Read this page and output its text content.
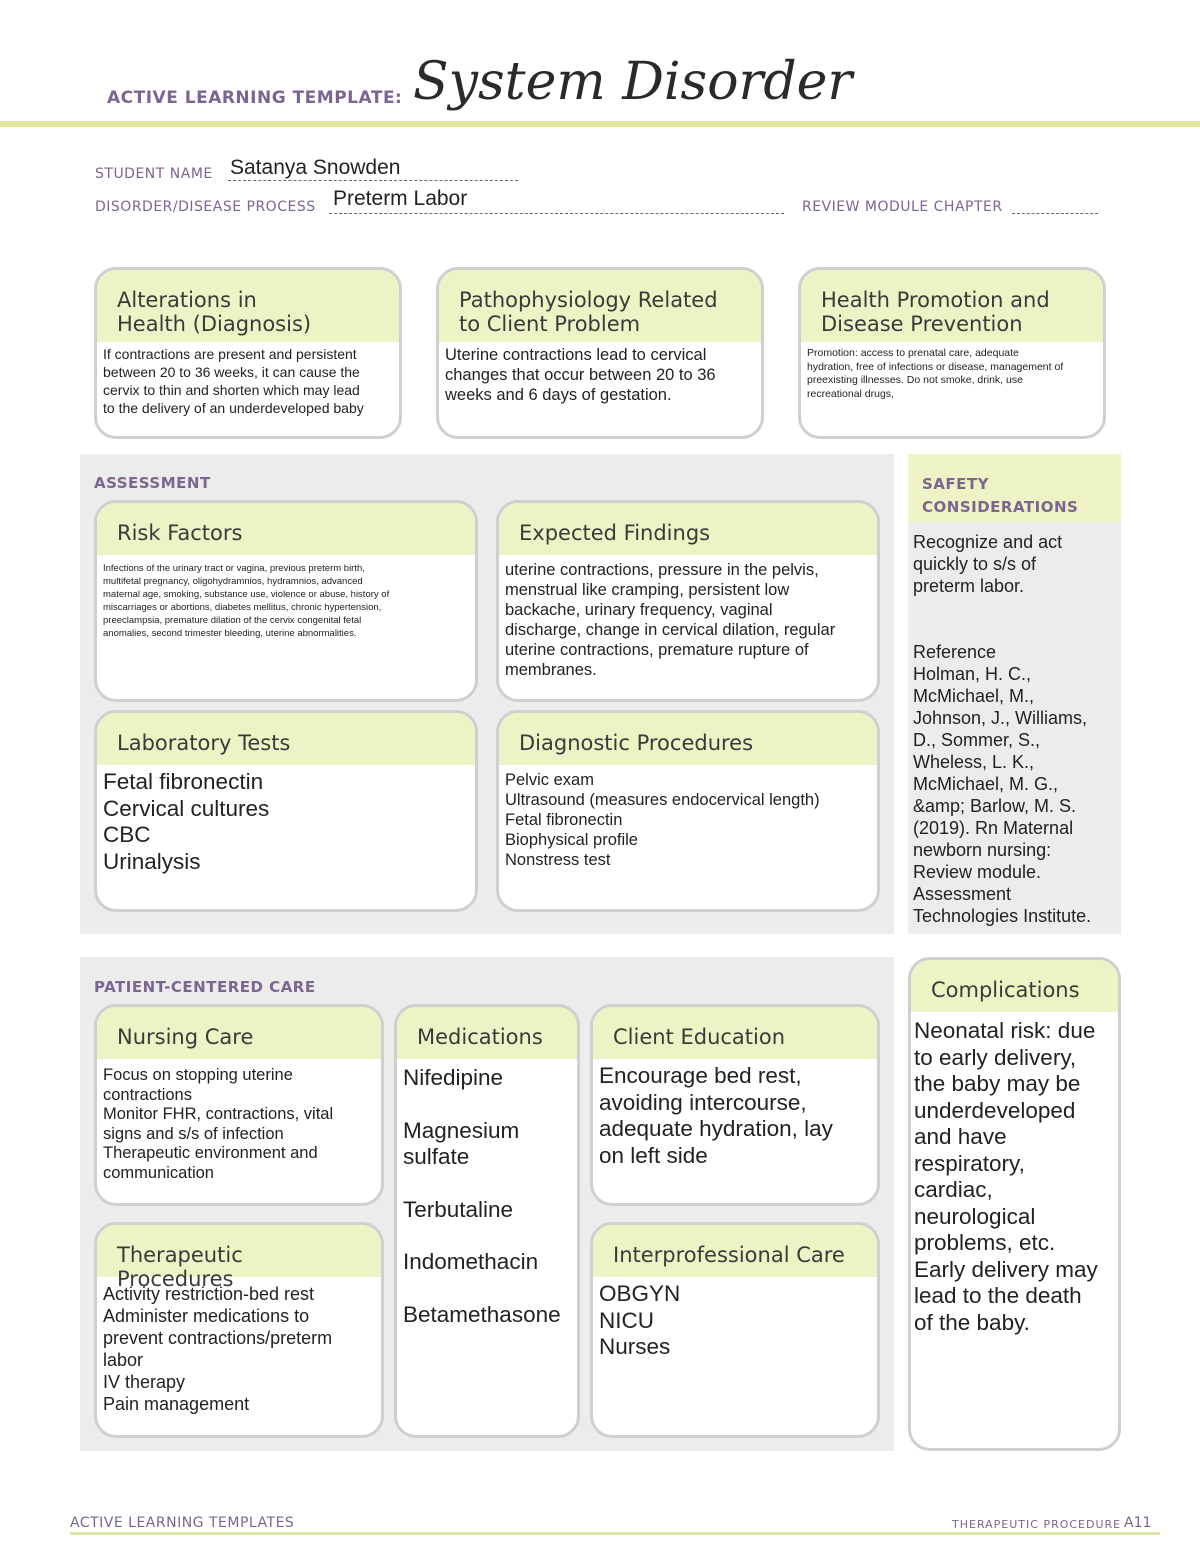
ACTIVE LEARNING TEMPLATE: System Disorder
STUDENT NAME Satanya Snowden
DISORDER/DISEASE PROCESS Preterm Labor	REVIEW MODULE CHAPTER
Alterations in
Health (Diagnosis)
If contractions are present and persistent
between 20 to 36 weeks, it can cause the
cervix to thin and shorten which may lead
to the delivery of an underdeveloped baby
Pathophysiology Related
to Client Problem
Uterine contractions lead to cervical
changes that occur between 20 to 36
weeks and 6 days of gestation.
Health Promotion and
Disease Prevention
Promotion: access to prenatal care, adequate
hydration, free of infections or disease, management of
preexisting illnesses. Do not smoke, drink, use
recreational drugs,
ASSESSMENT
Risk Factors
Infections of the urinary tract or vagina, previous preterm birth,
multifetal pregnancy, oligohydramnios, hydramnios, advanced
maternal age, smoking, substance use, violence or abuse, history of
miscarriages or abortions, diabetes mellitus, chronic hypertension,
preeclampsia, premature dilation of the cervix congenital fetal
anomalies, second trimester bleeding, uterine abnormalities.
Expected Findings
uterine contractions, pressure in the pelvis,
menstrual like cramping, persistent low
backache, urinary frequency, vaginal
discharge, change in cervical dilation, regular
uterine contractions, premature rupture of
membranes.
Laboratory Tests
Fetal fibronectin
Cervical cultures
CBC
Urinalysis
Diagnostic Procedures
Pelvic exam
Ultrasound (measures endocervical length)
Fetal fibronectin
Biophysical profile
Nonstress test
SAFETY
CONSIDERATIONS
Recognize and act
quickly to s/s of
preterm labor.
Reference
Holman, H. C.,
McMichael, M.,
Johnson, J., Williams,
D., Sommer, S.,
Wheless, L. K.,
McMichael, M. G.,
&amp; Barlow, M. S.
(2019). Rn Maternal
newborn nursing:
Review module.
Assessment
Technologies Institute.
PATIENT-CENTERED CARE
Nursing Care
Focus on stopping uterine
contractions
Monitor FHR, contractions, vital
signs and s/s of infection
Therapeutic environment and
communication
Medications
Nifedipine
Magnesium
sulfate
Terbutaline
Indomethacin
Betamethasone
Client Education
Encourage bed rest,
avoiding intercourse,
adequate hydration, lay
on left side
Therapeutic Procedures
Activity restriction-bed rest
Administer medications to
prevent contractions/preterm
labor
IV therapy
Pain management
Interprofessional Care
OBGYN
NICU
Nurses
Complications
Neonatal risk: due
to early delivery,
the baby may be
underdeveloped
and have
respiratory,
cardiac,
neurological
problems, etc.
Early delivery may
lead to the death
of the baby.
ACTIVE LEARNING TEMPLATES	THERAPEUTIC PROCEDURE A11
